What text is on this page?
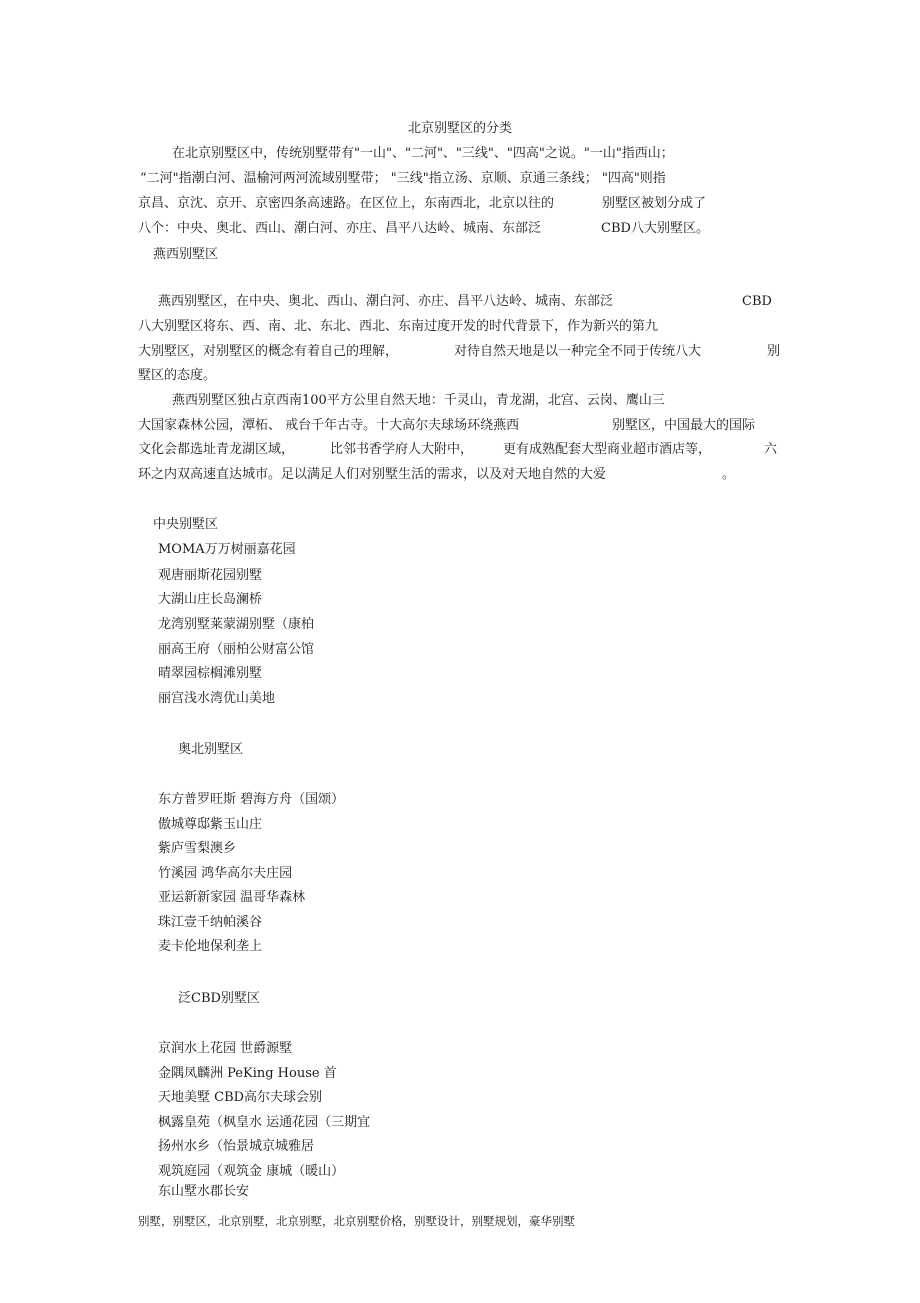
北京别墅区的分类
在北京别墅区中，传统别墅带有"一山"、"二河"、"三线"、"四高"之说。"一山"指西山；
“二河"指潮白河、温榆河两河流域别墅带； "三线"指立汤、京顺、京通三条线； "四高"则指
京昌、京沈、京开、京密四条高速路。在区位上，东南西北，北京以往的	别墅区被划分成了
八个：中央、奥北、西山、潮白河、亦庄、昌平八达岭、城南、东部泛	CBD八大别墅区。
燕西别墅区
燕西别墅区，在中央、奥北、西山、潮白河、亦庄、昌平八达岭、城南、东部泛	CBD
八大别墅区将东、西、南、北、东北、西北、东南过度开发的时代背景下，作为新兴的第九
大别墅区，对别墅区的概念有着自己的理解，	对待自然天地是以一种完全不同于传统八大	别
墅区的态度。
燕西别墅区独占京西南100平方公里自然天地：千灵山，青龙湖，北宫、云岗、鹰山三
大国家森林公园，潭柘、 戒台千年古寺。十大高尔夫球场环绕燕西	别墅区，中国最大的国际
文化会都选址青龙湖区域，	比邻书香学府人大附中， 更有成熟配套大型商业超市酒店等，	六
环之内双高速直达城市。足以满足人们对别墅生活的需求，以及对天地自然的大爱	。
中央别墅区
MOMA万万树丽嘉花园
观唐丽斯花园别墅
大湖山庄长岛澜桥
龙湾别墅莱蒙湖别墅（康柏
丽高王府（丽柏公财富公馆
晴翠园棕榈滩别墅
丽宫浅水湾优山美地
奥北别墅区
东方普罗旺斯 碧海方舟（国颂）
傲城尊邸紫玉山庄
紫庐雪梨澳乡
竹溪园 鸿华高尔夫庄园
亚运新新家园 温哥华森林
珠江壹千纳帕溪谷
麦卡伦地保利垄上
泛CBD别墅区
京润水上花园 世爵源墅
金隅凤麟洲 PeKing House 首
天地美墅 CBD高尔夫球会别
枫露皇苑（枫皇水 运通花园（三期宜
扬州水乡（怡景城京城雅居
观筑庭园（观筑金 康城（暖山）
东山墅水郡长安
别墅，别墅区，北京别墅，北京别墅，北京别墅价格，别墅设计，别墅规划，豪华别墅
